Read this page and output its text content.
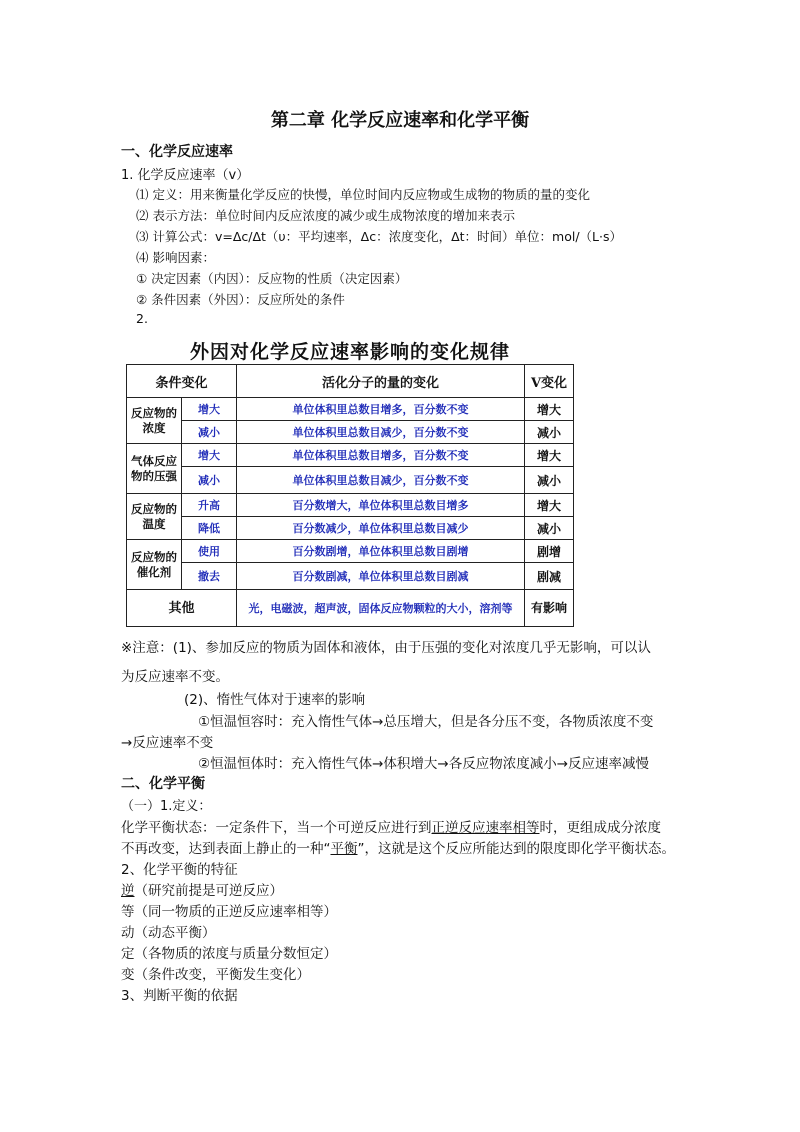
第二章 化学反应速率和化学平衡
一、化学反应速率
1. 化学反应速率（v）
⑴ 定义：用来衡量化学反应的快慢，单位时间内反应物或生成物的物质的量的变化
⑵ 表示方法：单位时间内反应浓度的减少或生成物浓度的增加来表示
⑶ 计算公式：v=Δc/Δt（υ：平均速率，Δc：浓度变化，Δt：时间）单位：mol/（L·s）
⑷ 影响因素：
① 决定因素（内因）：反应物的性质（决定因素）
② 条件因素（外因）：反应所处的条件
2.
外因对化学反应速率影响的变化规律
条件变化		活化分子的量的变化	V变化
反应物的浓度	增大	单位体积里总数目增多，百分数不变	增大
	减小	单位体积里总数目减少，百分数不变	减小
气体反应物的压强	增大	单位体积里总数目增多，百分数不变	增大
	减小	单位体积里总数目减少，百分数不变	减小
反应物的温度	升高	百分数增大，单位体积里总数目增多	增大
	降低	百分数减少，单位体积里总数目减少	减小
反应物的催化剂	使用	百分数剧增，单位体积里总数目剧增	剧增
	撤去	百分数剧减，单位体积里总数目剧减	剧减
其他		光，电磁波，超声波，固体反应物颗粒的大小，溶剂等	有影响
※注意：(1)、参加反应的物质为固体和液体，由于压强的变化对浓度几乎无影响，可以认
为反应速率不变。
(2)、惰性气体对于速率的影响
①恒温恒容时：充入惰性气体→总压增大，但是各分压不变，各物质浓度不变
→反应速率不变
②恒温恒体时：充入惰性气体→体积增大→各反应物浓度减小→反应速率减慢
二、化学平衡
（一）1.定义：
化学平衡状态：一定条件下，当一个可逆反应进行到正逆反应速率相等时，更组成成分浓度
不再改变，达到表面上静止的一种“平衡”，这就是这个反应所能达到的限度即化学平衡状态。
2、化学平衡的特征
逆（研究前提是可逆反应）
等（同一物质的正逆反应速率相等）
动（动态平衡）
定（各物质的浓度与质量分数恒定）
变（条件改变，平衡发生变化）
3、判断平衡的依据
